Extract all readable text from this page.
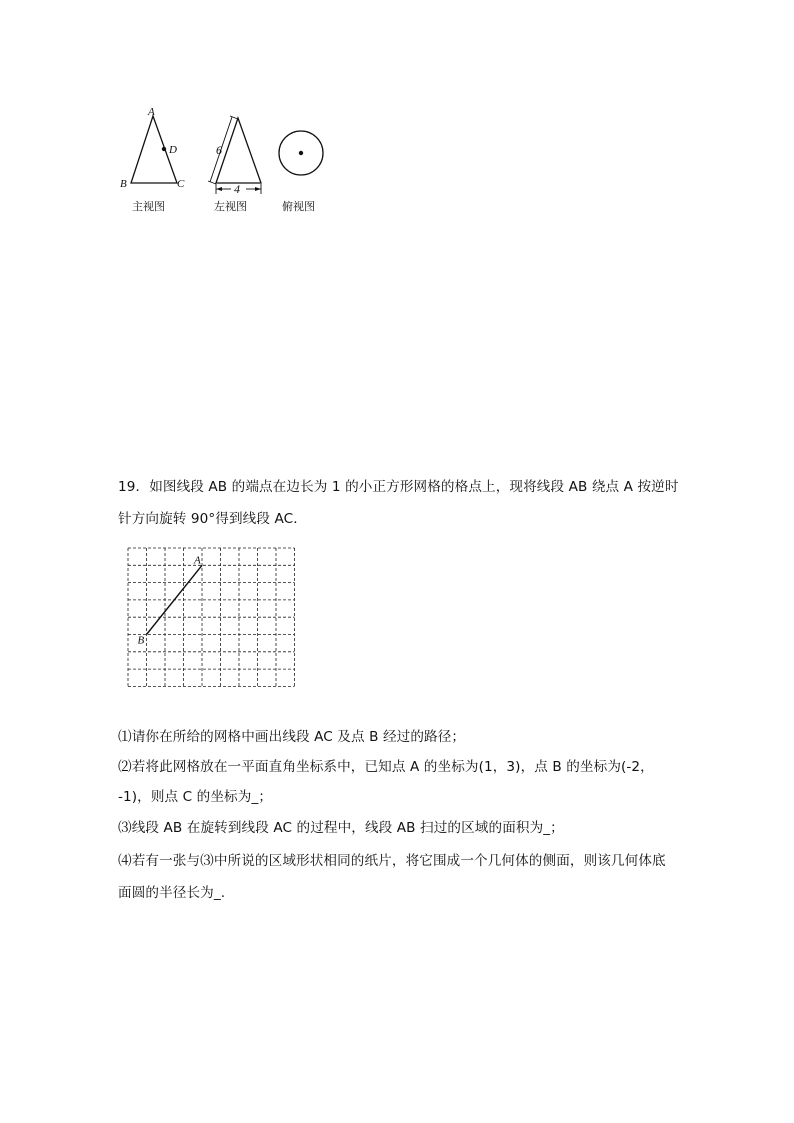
A
D
B	C
6
4
主视图	左视图	俯视图
19．如图线段 AB 的端点在边长为 1 的小正方形网格的格点上，现将线段 AB 绕点 A 按逆时
针方向旋转 90°得到线段 AC．
A
B
⑴请你在所给的网格中画出线段 AC 及点 B 经过的路径；
⑵若将此网格放在一平面直角坐标系中，已知点 A 的坐标为(1，3)，点 B 的坐标为(-2，
-1)，则点 C 的坐标为_；
⑶线段 AB 在旋转到线段 AC 的过程中，线段 AB 扫过的区域的面积为_；
⑷若有一张与⑶中所说的区域形状相同的纸片，将它围成一个几何体的侧面，则该几何体底
面圆的半径长为_.
